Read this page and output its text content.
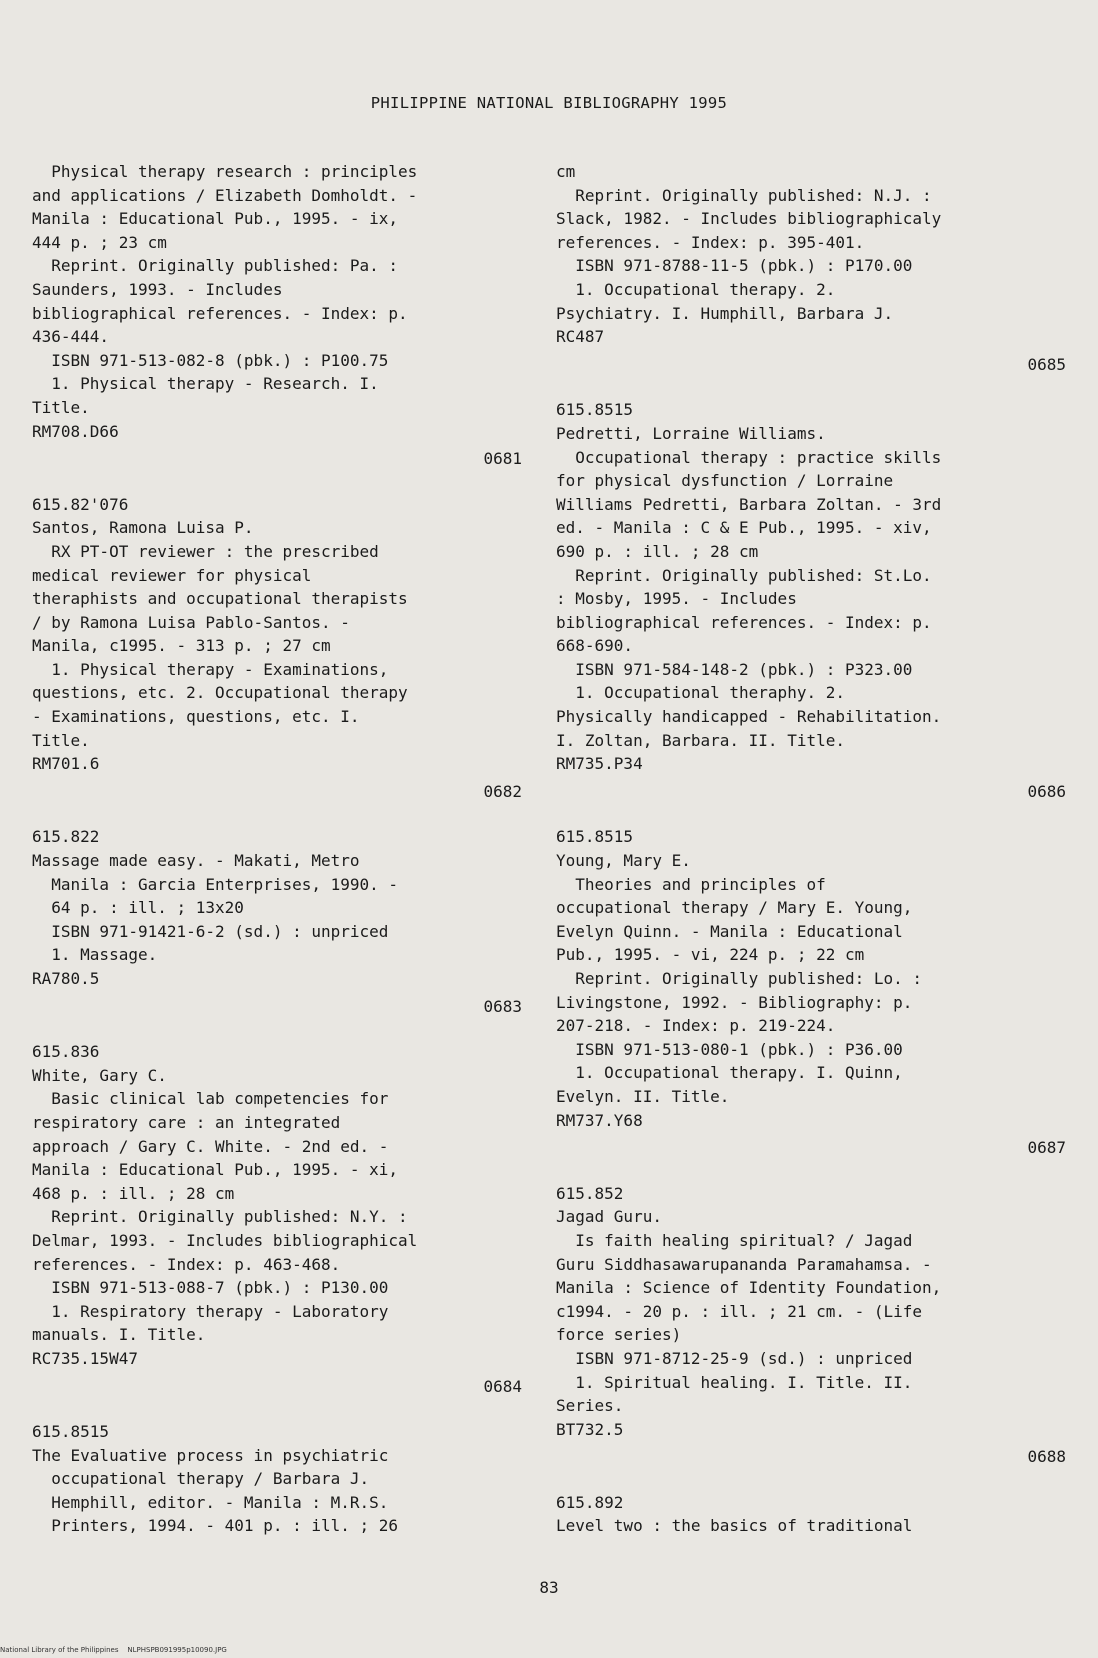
PHILIPPINE NATIONAL BIBLIOGRAPHY 1995
Physical therapy research : principles
and applications / Elizabeth Domholdt. -
Manila : Educational Pub., 1995. - ix,
444 p. ; 23 cm
Reprint. Originally published: Pa. :
Saunders, 1993. - Includes
bibliographical references. - Index: p.
436-444.
ISBN 971-513-082-8 (pbk.) : P100.75
1. Physical therapy - Research. I.
Title.
RM708.D66
0681
615.82'076
Santos, Ramona Luisa P.
RX PT-OT reviewer : the prescribed
medical reviewer for physical
theraphists and occupational therapists
/ by Ramona Luisa Pablo-Santos. -
Manila, c1995. - 313 p. ; 27 cm
1. Physical therapy - Examinations,
questions, etc. 2. Occupational therapy
- Examinations, questions, etc. I.
Title.
RM701.6
0682
615.822
Massage made easy. - Makati, Metro
Manila : Garcia Enterprises, 1990. -
64 p. : ill. ; 13x20
ISBN 971-91421-6-2 (sd.) : unpriced
1. Massage.
RA780.5
0683
615.836
White, Gary C.
Basic clinical lab competencies for
respiratory care : an integrated
approach / Gary C. White. - 2nd ed. -
Manila : Educational Pub., 1995. - xi,
468 p. : ill. ; 28 cm
Reprint. Originally published: N.Y. :
Delmar, 1993. - Includes bibliographical
references. - Index: p. 463-468.
ISBN 971-513-088-7 (pbk.) : P130.00
1. Respiratory therapy - Laboratory
manuals. I. Title.
RC735.15W47
0684
615.8515
The Evaluative process in psychiatric
occupational therapy / Barbara J.
Hemphill, editor. - Manila : M.R.S.
Printers, 1994. - 401 p. : ill. ; 26
cm
Reprint. Originally published: N.J. :
Slack, 1982. - Includes bibliographicaly
references. - Index: p. 395-401.
ISBN 971-8788-11-5 (pbk.) : P170.00
1. Occupational therapy. 2.
Psychiatry. I. Humphill, Barbara J.
RC487
0685
615.8515
Pedretti, Lorraine Williams.
Occupational therapy : practice skills
for physical dysfunction / Lorraine
Williams Pedretti, Barbara Zoltan. - 3rd
ed. - Manila : C & E Pub., 1995. - xiv,
690 p. : ill. ; 28 cm
Reprint. Originally published: St.Lo.
: Mosby, 1995. - Includes
bibliographical references. - Index: p.
668-690.
ISBN 971-584-148-2 (pbk.) : P323.00
1. Occupational theraphy. 2.
Physically handicapped - Rehabilitation.
I. Zoltan, Barbara. II. Title.
RM735.P34
0686
615.8515
Young, Mary E.
Theories and principles of
occupational therapy / Mary E. Young,
Evelyn Quinn. - Manila : Educational
Pub., 1995. - vi, 224 p. ; 22 cm
Reprint. Originally published: Lo. :
Livingstone, 1992. - Bibliography: p.
207-218. - Index: p. 219-224.
ISBN 971-513-080-1 (pbk.) : P36.00
1. Occupational therapy. I. Quinn,
Evelyn. II. Title.
RM737.Y68
0687
615.852
Jagad Guru.
Is faith healing spiritual? / Jagad
Guru Siddhasawarupananda Paramahamsa. -
Manila : Science of Identity Foundation,
c1994. - 20 p. : ill. ; 21 cm. - (Life
force series)
ISBN 971-8712-25-9 (sd.) : unpriced
1. Spiritual healing. I. Title. II.
Series.
BT732.5
0688
615.892
Level two : the basics of traditional
83
National Library of the Philippines    NLPHSPB091995p10090.JPG
